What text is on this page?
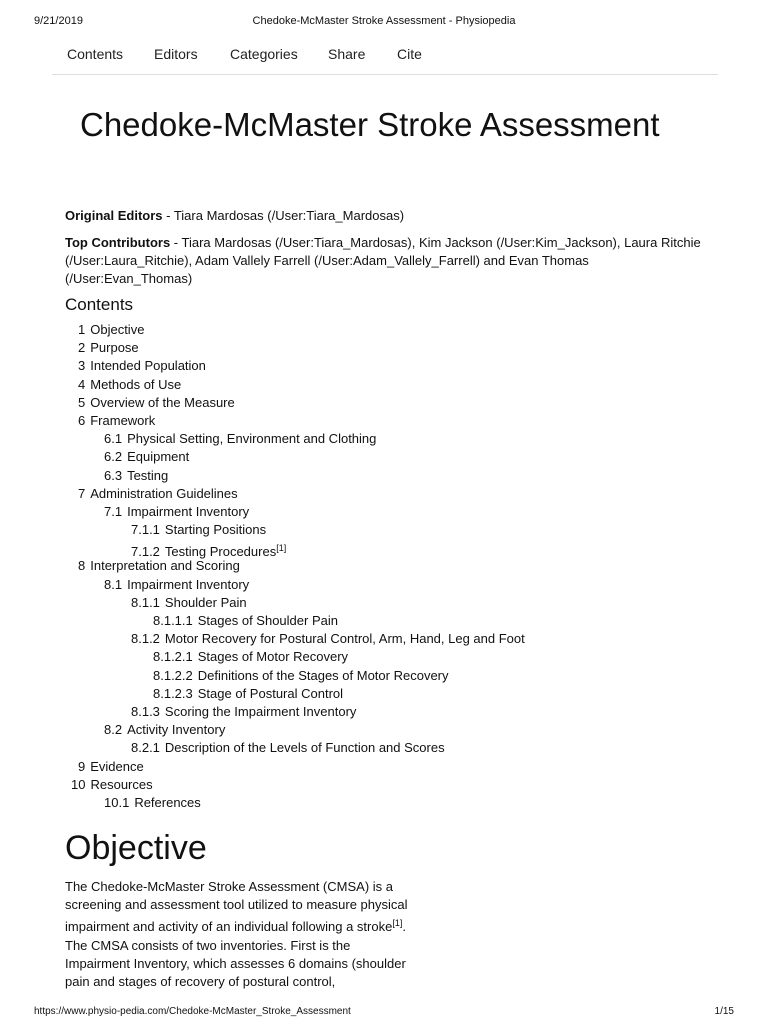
9/21/2019	Chedoke-McMaster Stroke Assessment - Physiopedia
Contents Editors Categories Share Cite
Chedoke-McMaster Stroke Assessment

Original Editors - Tiara Mardosas (/User:Tiara_Mardosas)

Top Contributors - Tiara Mardosas (/User:Tiara_Mardosas), Kim Jackson (/User:Kim_Jackson), Laura Ritchie (/User:Laura_Ritchie), Adam Vallely Farrell (/User:Adam_Vallely_Farrell) and Evan Thomas (/User:Evan_Thomas)

Contents
1 Objective
2 Purpose
3 Intended Population
4 Methods of Use
5 Overview of the Measure
6 Framework
6.1 Physical Setting, Environment and Clothing
6.2 Equipment
6.3 Testing
7 Administration Guidelines
7.1 Impairment Inventory
7.1.1 Starting Positions
7.1.2 Testing Procedures[1]
8 Interpretation and Scoring
8.1 Impairment Inventory
8.1.1 Shoulder Pain
8.1.1.1 Stages of Shoulder Pain
8.1.2 Motor Recovery for Postural Control, Arm, Hand, Leg and Foot
8.1.2.1 Stages of Motor Recovery
8.1.2.2 Definitions of the Stages of Motor Recovery
8.1.2.3 Stage of Postural Control
8.1.3 Scoring the Impairment Inventory
8.2 Activity Inventory
8.2.1 Description of the Levels of Function and Scores
9 Evidence
10 Resources
10.1 References
Objective

The Chedoke-McMaster Stroke Assessment (CMSA) is a screening and assessment tool utilized to measure physical impairment and activity of an individual following a stroke[1]. The CMSA consists of two inventories. First is the Impairment Inventory, which assesses 6 domains (shoulder pain and stages of recovery of postural control,

https://www.physio-pedia.com/Chedoke-McMaster_Stroke_Assessment	1/15
